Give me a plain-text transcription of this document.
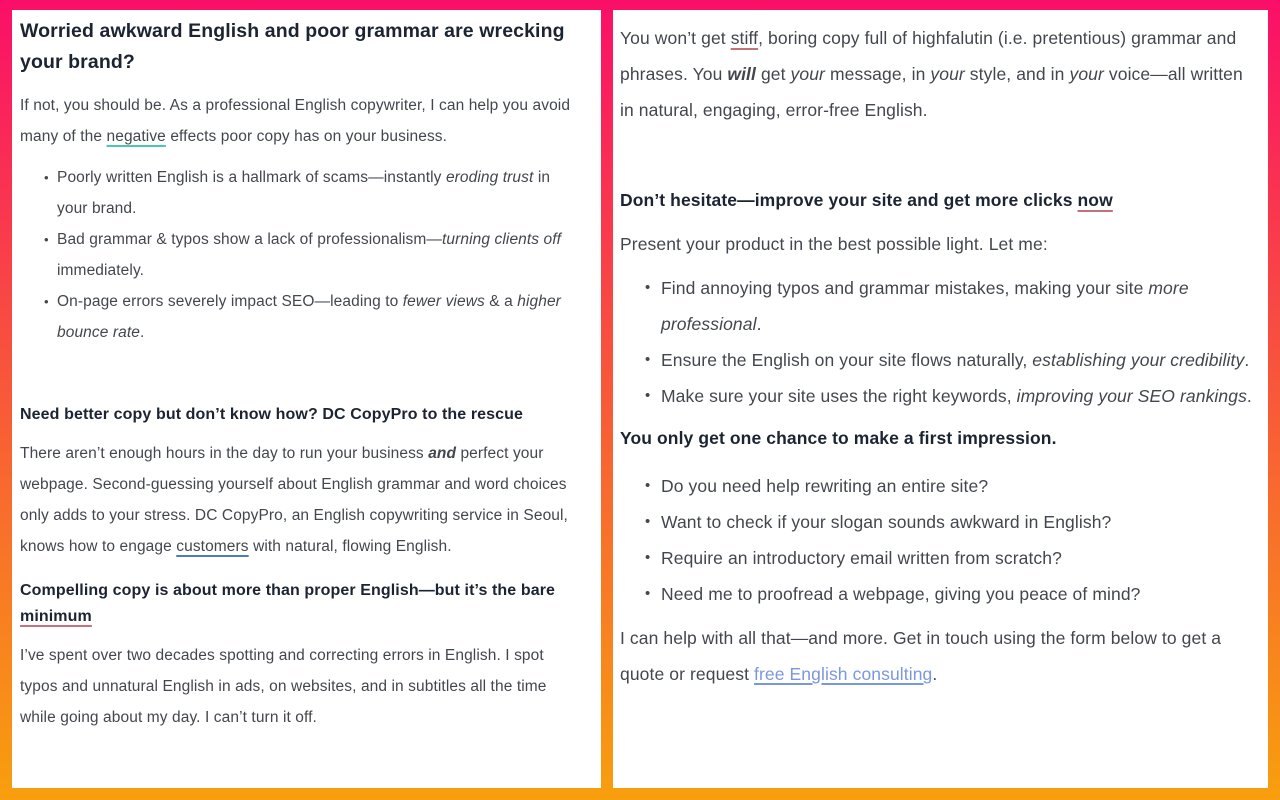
Worried awkward English and poor grammar are wrecking your brand?

If not, you should be. As a professional English copywriter, I can help you avoid many of the negative effects poor copy has on your business.

• Poorly written English is a hallmark of scams—instantly eroding trust in your brand.
• Bad grammar & typos show a lack of professionalism—turning clients off immediately.
• On-page errors severely impact SEO—leading to fewer views & a higher bounce rate.
Need better copy but don’t know how? DC CopyPro to the rescue

There aren’t enough hours in the day to run your business and perfect your webpage. Second-guessing yourself about English grammar and word choices only adds to your stress. DC CopyPro, an English copywriting service in Seoul, knows how to engage customers with natural, flowing English.

Compelling copy is about more than proper English—but it’s the bare minimum

I’ve spent over two decades spotting and correcting errors in English. I spot typos and unnatural English in ads, on websites, and in subtitles all the time while going about my day. I can’t turn it off.

You won’t get stiff, boring copy full of highfalutin (i.e. pretentious) grammar and phrases. You will get your message, in your style, and in your voice—all written in natural, engaging, error-free English.

Don’t hesitate—improve your site and get more clicks now

Present your product in the best possible light. Let me:

• Find annoying typos and grammar mistakes, making your site more professional.
• Ensure the English on your site flows naturally, establishing your credibility.
• Make sure your site uses the right keywords, improving your SEO rankings.
You only get one chance to make a first impression.
• Do you need help rewriting an entire site?
• Want to check if your slogan sounds awkward in English?
• Require an introductory email written from scratch?
• Need me to proofread a webpage, giving you peace of mind?

I can help with all that—and more. Get in touch using the form below to get a quote or request free English consulting.
